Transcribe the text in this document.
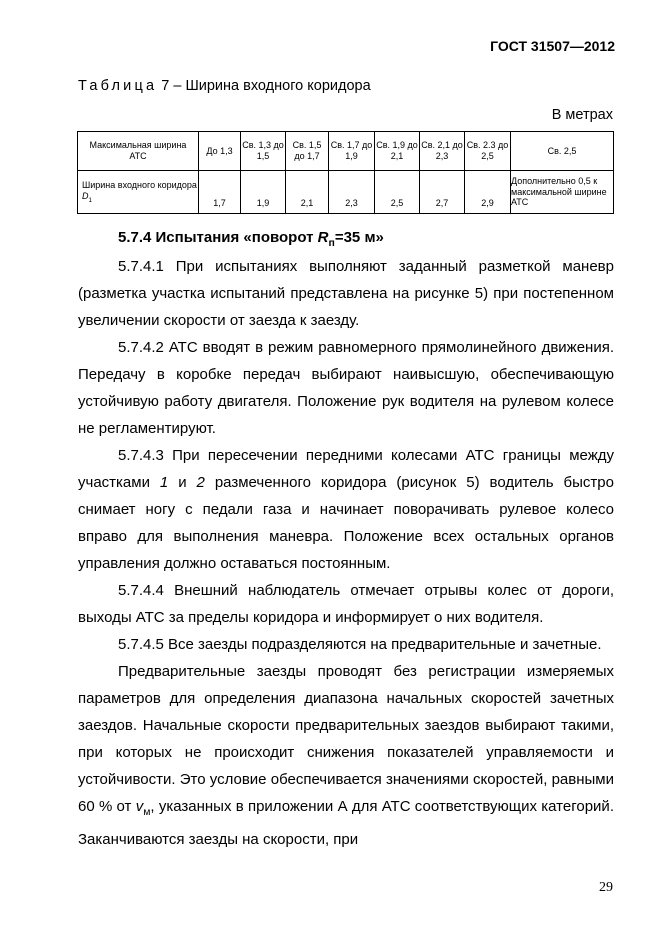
ГОСТ 31507—2012
Таблица 7 – Ширина входного коридора
В метрах
Максимальная ширина АТС	До 1,3	Св. 1,3 до 1,5	Св. 1,5 до 1,7	Св. 1,7 до 1,9	Св. 1,9 до 2,1	Св. 2,1 до 2,3	Св. 2.3 до 2,5	Св. 2,5
Ширина входного коридора $D_1$	1,7	1,9	2,1	2,3	2,5	2,7	2,9	Дополнительно 0,5 к максимальной ширине АТС
5.7.4 Испытания «поворот $R_п=35$ м»

5.7.4.1 При испытаниях выполняют заданный разметкой маневр (разметка участка испытаний представлена на рисунке 5) при постепенном увеличении скорости от заезда к заезду.

5.7.4.2 АТС вводят в режим равномерного прямолинейного движения. Передачу в коробке передач выбирают наивысшую, обеспечивающую устойчивую работу двигателя. Положение рук водителя на рулевом колесе не регламентируют.

5.7.4.3 При пересечении передними колесами АТС границы между участками 1 и 2 размеченного коридора (рисунок 5) водитель быстро снимает ногу с педали газа и начинает поворачивать рулевое колесо вправо для выполнения маневра. Положение всех остальных органов управления должно оставаться постоянным.

5.7.4.4 Внешний наблюдатель отмечает отрывы колес от дороги, выходы АТС за пределы коридора и информирует о них водителя.

5.7.4.5 Все заезды подразделяются на предварительные и зачетные.

Предварительные заезды проводят без регистрации измеряемых параметров для определения диапазона начальных скоростей зачетных заездов. Начальные скорости предварительных заездов выбирают такими, при которых не происходит снижения показателей управляемости и устойчивости. Это условие обеспечивается значениями скоростей, равными 60 % от $v_м$, указанных в приложении А для АТС соответствующих категорий. Заканчиваются заезды на скорости, при

29
